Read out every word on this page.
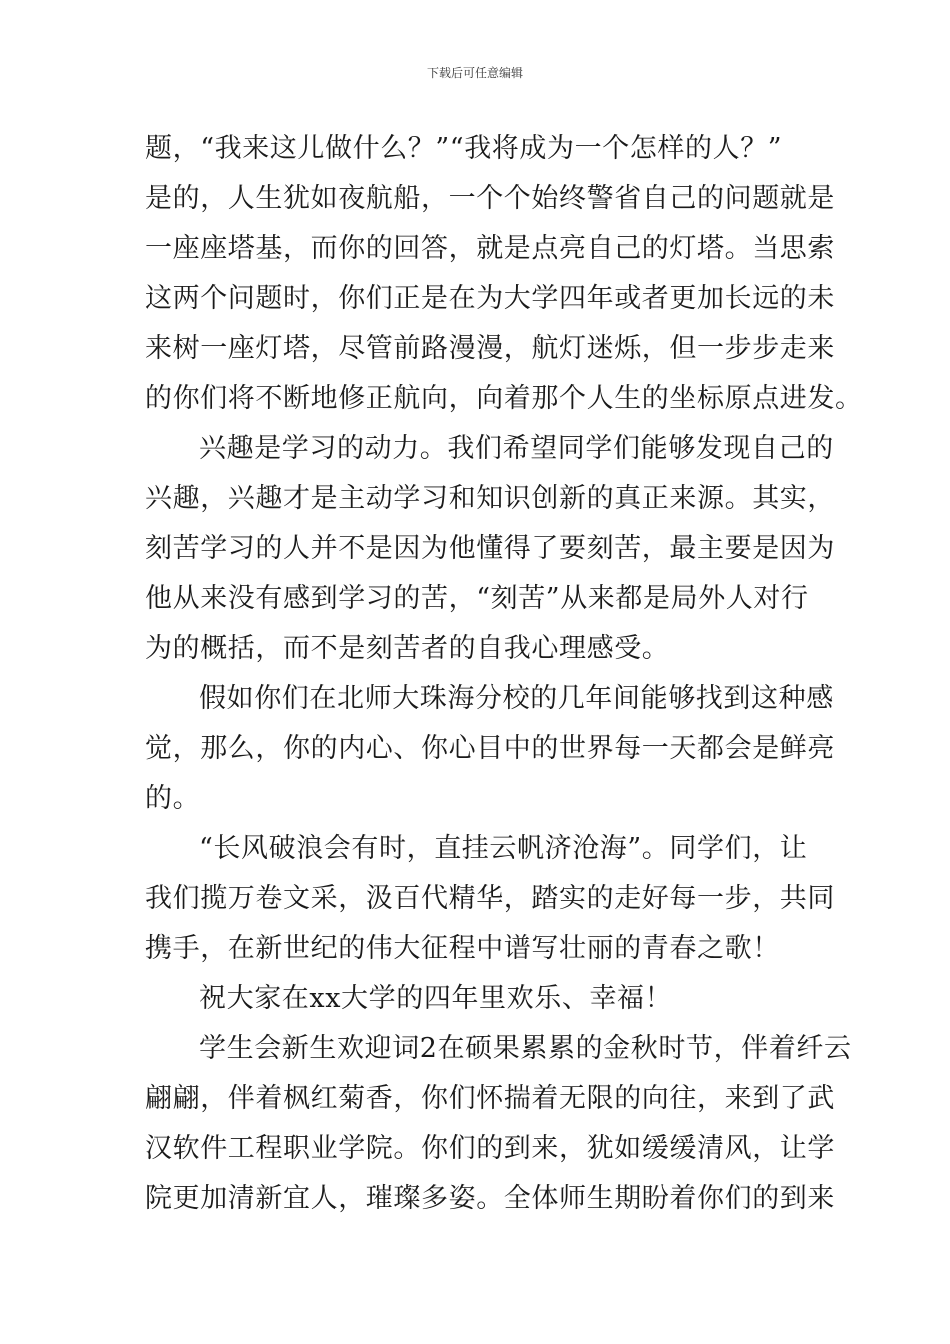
下载后可任意编辑
题，“我来这儿做什么？”“我将成为一个怎样的人？”
是的，人生犹如夜航船，一个个始终警省自己的问题就是
一座座塔基，而你的回答，就是点亮自己的灯塔。当思索
这两个问题时，你们正是在为大学四年或者更加长远的未
来树一座灯塔，尽管前路漫漫，航灯迷烁，但一步步走来
的你们将不断地修正航向，向着那个人生的坐标原点进发。
兴趣是学习的动力。我们希望同学们能够发现自己的
兴趣，兴趣才是主动学习和知识创新的真正来源。其实，
刻苦学习的人并不是因为他懂得了要刻苦，最主要是因为
他从来没有感到学习的苦，“刻苦”从来都是局外人对行
为的概括，而不是刻苦者的自我心理感受。
假如你们在北师大珠海分校的几年间能够找到这种感
觉，那么，你的内心、你心目中的世界每一天都会是鲜亮
的。
“长风破浪会有时，直挂云帆济沧海”。同学们，让
我们揽万卷文采，汲百代精华，踏实的走好每一步，共同
携手，在新世纪的伟大征程中谱写壮丽的青春之歌！
祝大家在xx大学的四年里欢乐、幸福！
学生会新生欢迎词2在硕果累累的金秋时节，伴着纤云
翩翩，伴着枫红菊香，你们怀揣着无限的向往，来到了武
汉软件工程职业学院。你们的到来，犹如缓缓清风，让学
院更加清新宜人，璀璨多姿。全体师生期盼着你们的到来
